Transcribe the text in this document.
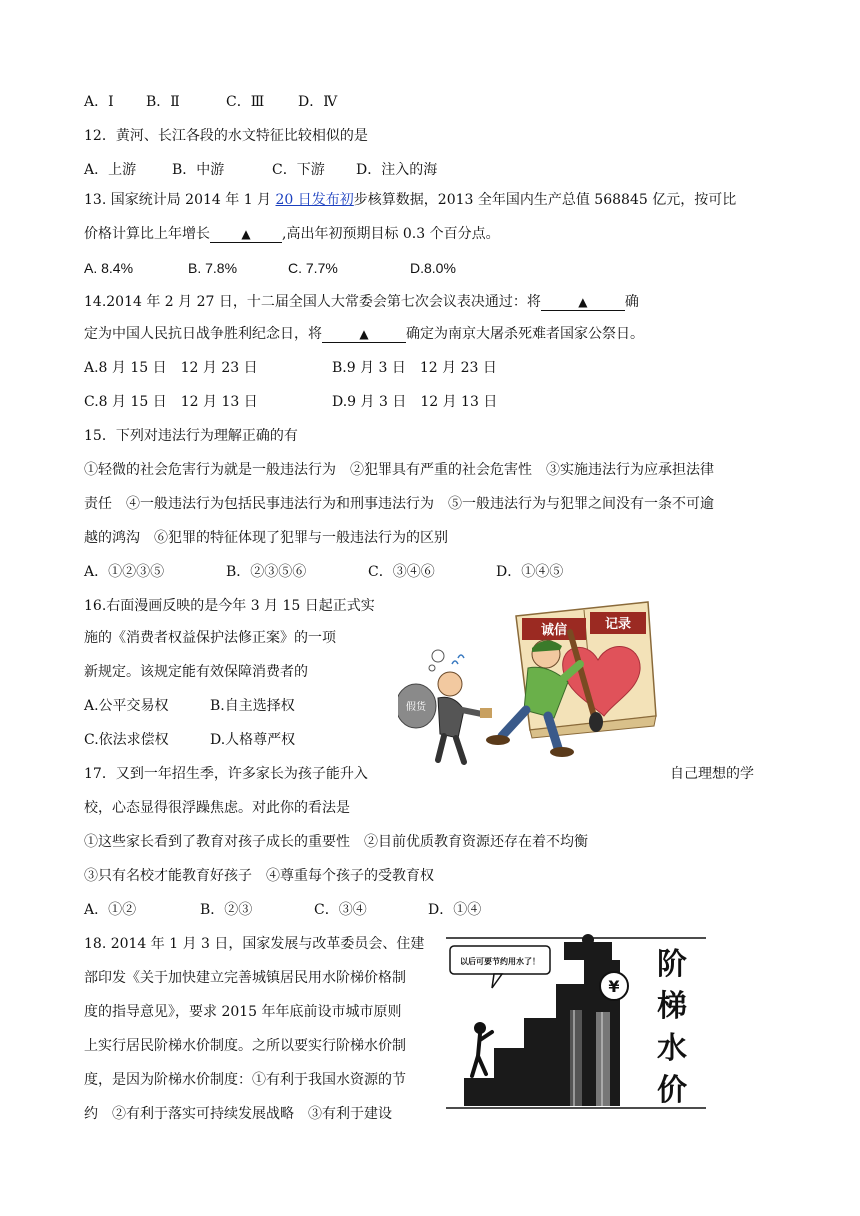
A．Ⅰ B．Ⅱ	C．Ⅲ D．Ⅳ
12．黄河、长江各段的水文特征比较相似的是
A．上游	B．中游	C．下游 D．注入的海
13. 国家统计局 2014 年 1 月 20 日发布初步核算数据，2013 全年国内生产总值 568845 亿元，按可比
价格计算比上年增长	▲ ,高出年初预期目标 0.3 个百分点。
A. 8.4%	B. 7.8%	C. 7.7%	D.8.0%
14.2014 年 2 月 27 日，十二届全国人大常委会第七次会议表决通过：将	▲	确
定为中国人民抗日战争胜利纪念日，将	▲	确定为南京大屠杀死难者国家公祭日。
A.8 月 15 日　12 月 23 日	B.9 月 3 日　12 月 23 日
C.8 月 15 日　12 月 13 日	D.9 月 3 日　12 月 13 日
15．下列对违法行为理解正确的有
①轻微的社会危害行为就是一般违法行为　②犯罪具有严重的社会危害性　③实施违法行为应承担法律
责任　④一般违法行为包括民事违法行为和刑事违法行为　⑤一般违法行为与犯罪之间没有一条不可逾
越的鸿沟　⑥犯罪的特征体现了犯罪与一般违法行为的区别
A．①②③⑤	B．②③⑤⑥	C．③④⑥	D．①④⑤
16.右面漫画反映的是今年 3 月 15 日起正式实
施的《消费者权益保护法修正案》的一项
新规定。该规定能有效保障消费者的
A.公平交易权	B.自主选择权
C.依法求偿权	D.人格尊严权
诚信	记录
假货
17．又到一年招生季，许多家长为孩子能升入	自己理想的学
校，心态显得很浮躁焦虑。对此你的看法是
①这些家长看到了教育对孩子成长的重要性　②目前优质教育资源还存在着不均衡
③只有名校才能教育好孩子　④尊重每个孩子的受教育权
A．①②	B．②③	C．③④	D．①④
18. 2014 年 1 月 3 日，国家发展与改革委员会、住建
部印发《关于加快建立完善城镇居民用水阶梯价格制
度的指导意见》，要求 2015 年年底前设市城市原则
上实行居民阶梯水价制度。之所以要实行阶梯水价制
度，是因为阶梯水价制度：①有利于我国水资源的节
约　②有利于落实可持续发展战略　③有利于建设
以后可要节约用水了！
¥
阶
梯
水
价
